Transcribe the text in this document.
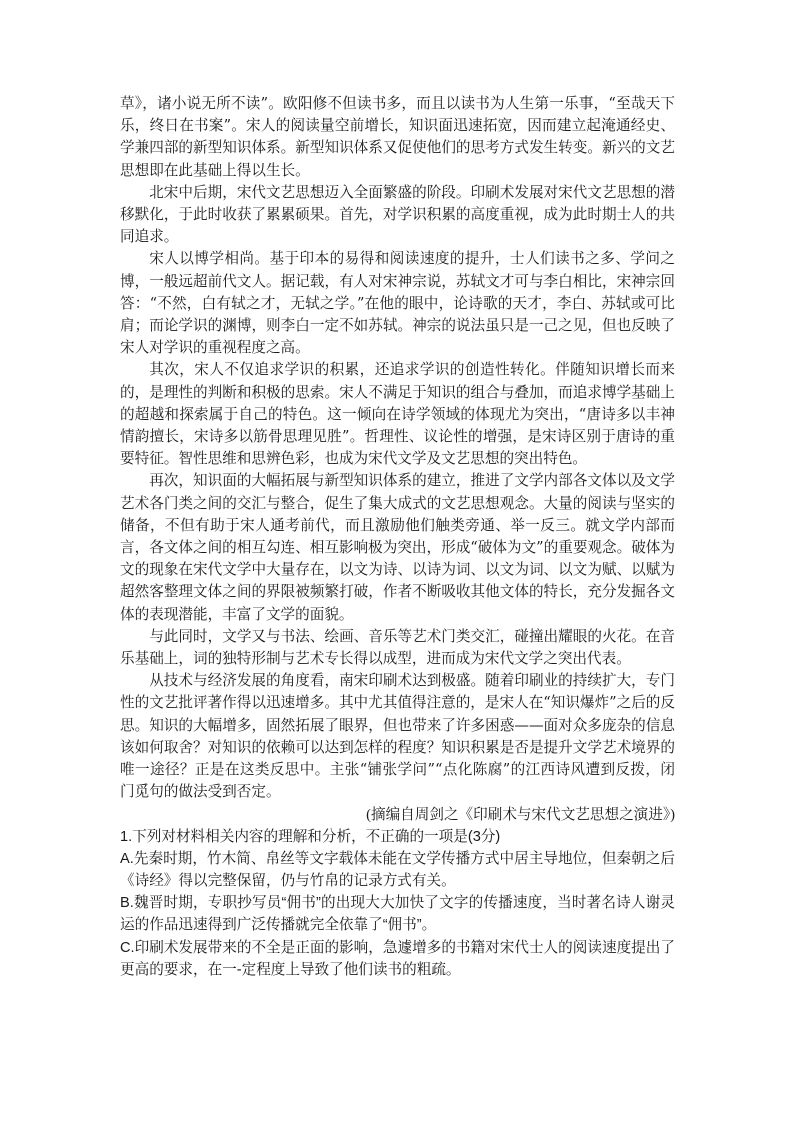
草》，诸小说无所不读”。欧阳修不但读书多，而且以读书为人生第一乐事，“至哉天下乐，终日在书案”。宋人的阅读量空前增长，知识面迅速拓宽，因而建立起淹通经史、学兼四部的新型知识体系。新型知识体系又促使他们的思考方式发生转变。新兴的文艺思想即在此基础上得以生长。

北宋中后期，宋代文艺思想迈入全面繁盛的阶段。印刷术发展对宋代文艺思想的潜移默化，于此时收获了累累硕果。首先，对学识积累的高度重视，成为此时期士人的共同追求。

宋人以博学相尚。基于印本的易得和阅读速度的提升，士人们读书之多、学问之博，一般远超前代文人。据记载，有人对宋神宗说，苏轼文才可与李白相比，宋神宗回答：“不然，白有轼之才，无轼之学。”在他的眼中，论诗歌的天才，李白、苏轼或可比肩；而论学识的渊博，则李白一定不如苏轼。神宗的说法虽只是一己之见，但也反映了宋人对学识的重视程度之高。

其次，宋人不仅追求学识的积累，还追求学识的创造性转化。伴随知识增长而来的，是理性的判断和积极的思索。宋人不满足于知识的组合与叠加，而追求博学基础上的超越和探索属于自己的特色。这一倾向在诗学领域的体现尤为突出，“唐诗多以丰神情韵擅长，宋诗多以筋骨思理见胜”。哲理性、议论性的增强，是宋诗区别于唐诗的重要特征。智性思维和思辨色彩，也成为宋代文学及文艺思想的突出特色。

再次，知识面的大幅拓展与新型知识体系的建立，推进了文学内部各文体以及文学艺术各门类之间的交汇与整合，促生了集大成式的文艺思想观念。大量的阅读与坚实的储备，不但有助于宋人通考前代，而且激励他们触类旁通、举一反三。就文学内部而言，各文体之间的相互勾连、相互影响极为突出，形成“破体为文”的重要观念。破体为文的现象在宋代文学中大量存在，以文为诗、以诗为词、以文为词、以文为赋、以赋为超然客整理文体之间的界限被频繁打破，作者不断吸收其他文体的特长，充分发掘各文体的表现潜能，丰富了文学的面貌。

与此同时，文学又与书法、绘画、音乐等艺术门类交汇，碰撞出耀眼的火花。在音乐基础上，词的独特形制与艺术专长得以成型，进而成为宋代文学之突出代表。

从技术与经济发展的角度看，南宋印刷术达到极盛。随着印刷业的持续扩大，专门性的文艺批评著作得以迅速增多。其中尤其值得注意的，是宋人在“知识爆炸”之后的反思。知识的大幅增多，固然拓展了眼界，但也带来了许多困惑——面对众多庞杂的信息该如何取舍？对知识的依赖可以达到怎样的程度？知识积累是否是提升文学艺术境界的唯一途径？正是在这类反思中。主张“铺张学问”“点化陈腐”的江西诗风遭到反拨，闭门觅句的做法受到否定。

(摘编自周剑之《印刷术与宋代文艺思想之演进》)

1.下列对材料相关内容的理解和分析，不正确的一项是(3分)

A.先秦时期，竹木简、帛丝等文字载体未能在文学传播方式中居主导地位，但秦朝之后《诗经》得以完整保留，仍与竹帛的记录方式有关。

B.魏晋时期，专职抄写员“佣书”的出现大大加快了文字的传播速度，当时著名诗人谢灵运的作品迅速得到广泛传播就完全依靠了“佣书”。

C.印刷术发展带来的不全是正面的影响，急遽增多的书籍对宋代士人的阅读速度提出了更高的要求，在一-定程度上导致了他们读书的粗疏。
